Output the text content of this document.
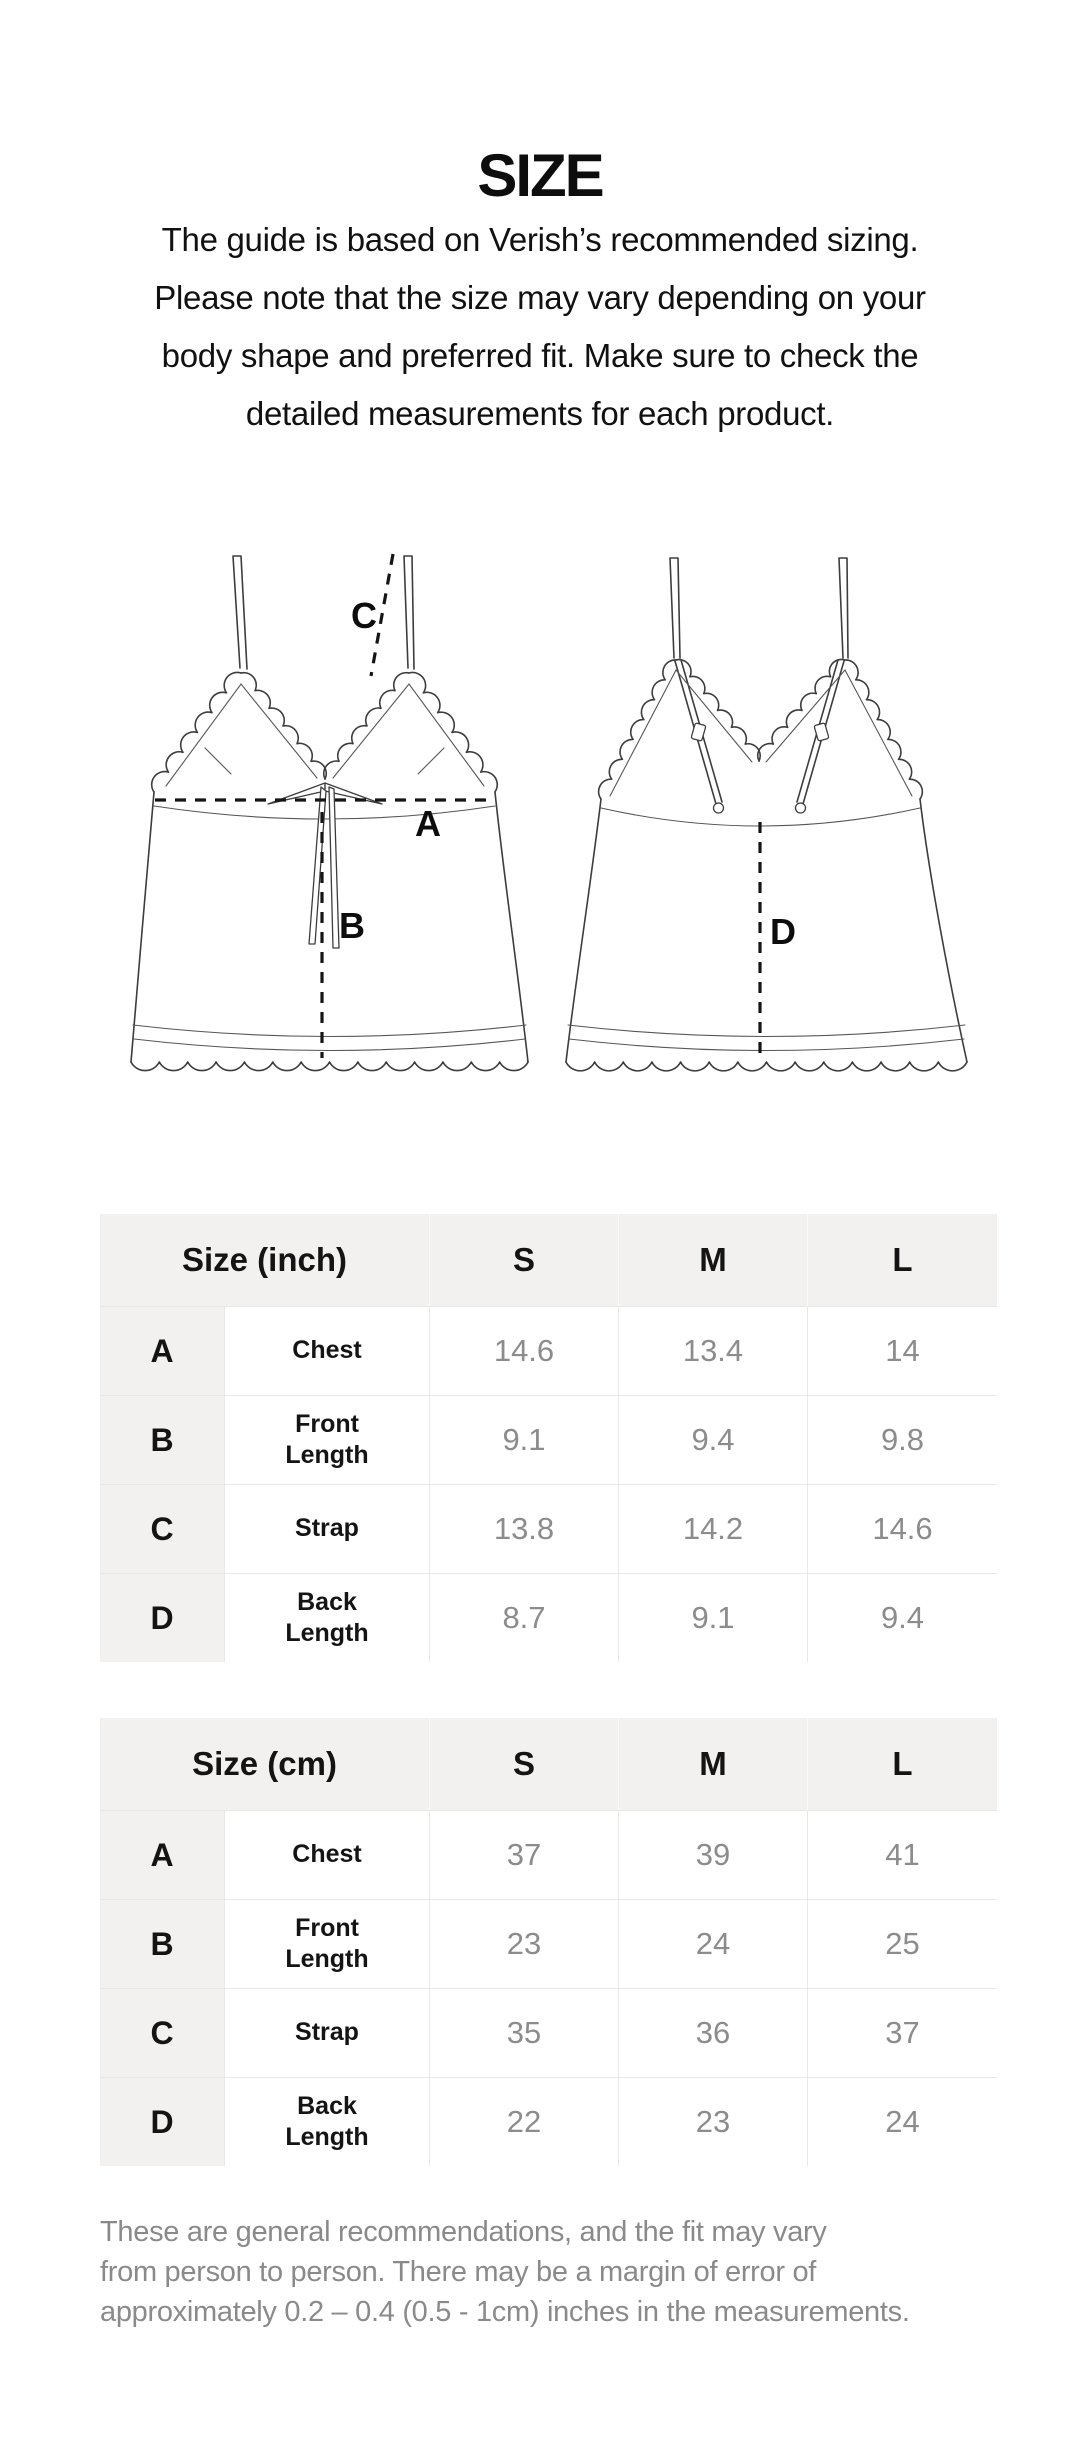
SIZE
The guide is based on Verish’s recommended sizing.
Please note that the size may vary depending on your
body shape and preferred fit. Make sure to check the
detailed measurements for each product.
A
B
C
D
Size (inch)		S	M	L
A	Chest	14.6	13.4	14
B	Front Length	9.1	9.4	9.8
C	Strap	13.8	14.2	14.6
D	Back Length	8.7	9.1	9.4
Size (cm)		S	M	L
A	Chest	37	39	41
B	Front Length	23	24	25
C	Strap	35	36	37
D	Back Length	22	23	24
These are general recommendations, and the fit may vary
from person to person. There may be a margin of error of
approximately 0.2 – 0.4 (0.5 - 1cm) inches in the measurements.
